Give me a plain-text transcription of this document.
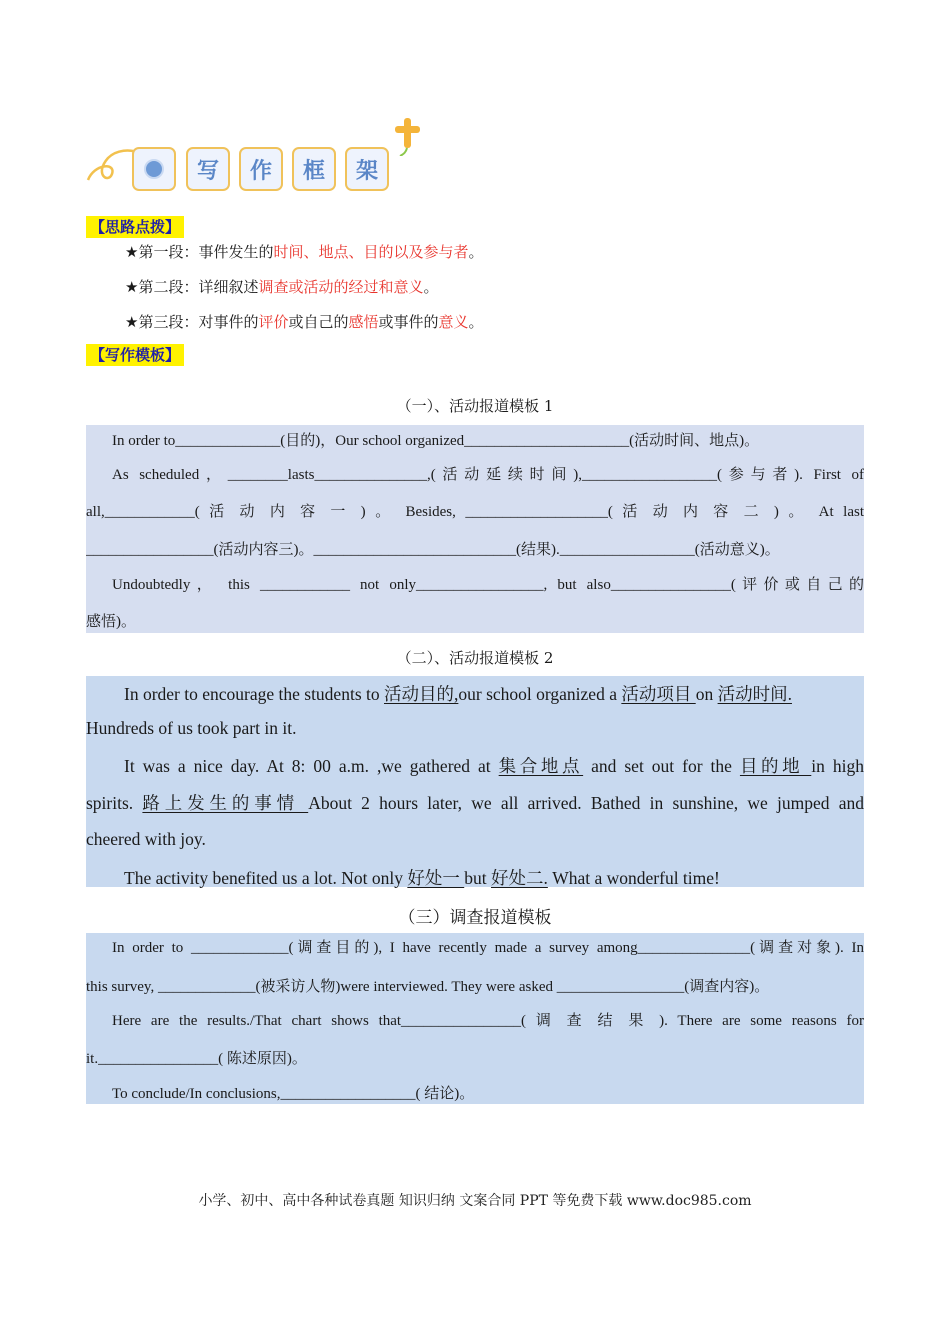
写	作	框	架
【思路点拨】
★第一段：事件发生的时间、地点、目的以及参与者。
★第二段：详细叙述调查或活动的经过和意义。
★第三段：对事件的评价或自己的感悟或事件的意义。
【写作模板】
（一）、活动报道模板 1
In order to______________(目的)，Our school organized______________________(活动时间、地点)。
As scheduled，________lasts_______________,(活动延续时间),__________________(参与者). First of
all,____________( 活 动 内 容 一 ) 。 Besides, ___________________( 活 动 内 容 二 ) 。 At last
_________________(活动内容三)。___________________________(结果).__________________(活动意义)。
Undoubtedly， this ____________ not only_________________, but also________________(评价或自己的
感悟)。
（二）、活动报道模板 2
In order to encourage the students to 活动目的,our school organized a 活动项目 on 活动时间.
Hundreds of us took part in it.
It was a nice day. At 8: 00 a.m. ,we gathered at 集合地点 and set out for the 目的地 in high
spirits. 路上发生的事情 About 2 hours later, we all arrived. Bathed in sunshine, we jumped and
cheered with joy.
The activity benefited us a lot. Not only 好处一 but 好处二. What a wonderful time!
（三）调查报道模板
In order to _____________(调查目的), I have recently made a survey among_______________(调查对象). In
this survey, _____________(被采访人物)were interviewed. They were asked _________________(调查内容)。
Here are the results./That chart shows that________________( 调 查 结 果 ). There are some reasons for
it.________________( 陈述原因)。
To conclude/In conclusions,__________________( 结论)。
小学、初中、高中各种试卷真题 知识归纳 文案合同 PPT 等免费下载 www.doc985.com
